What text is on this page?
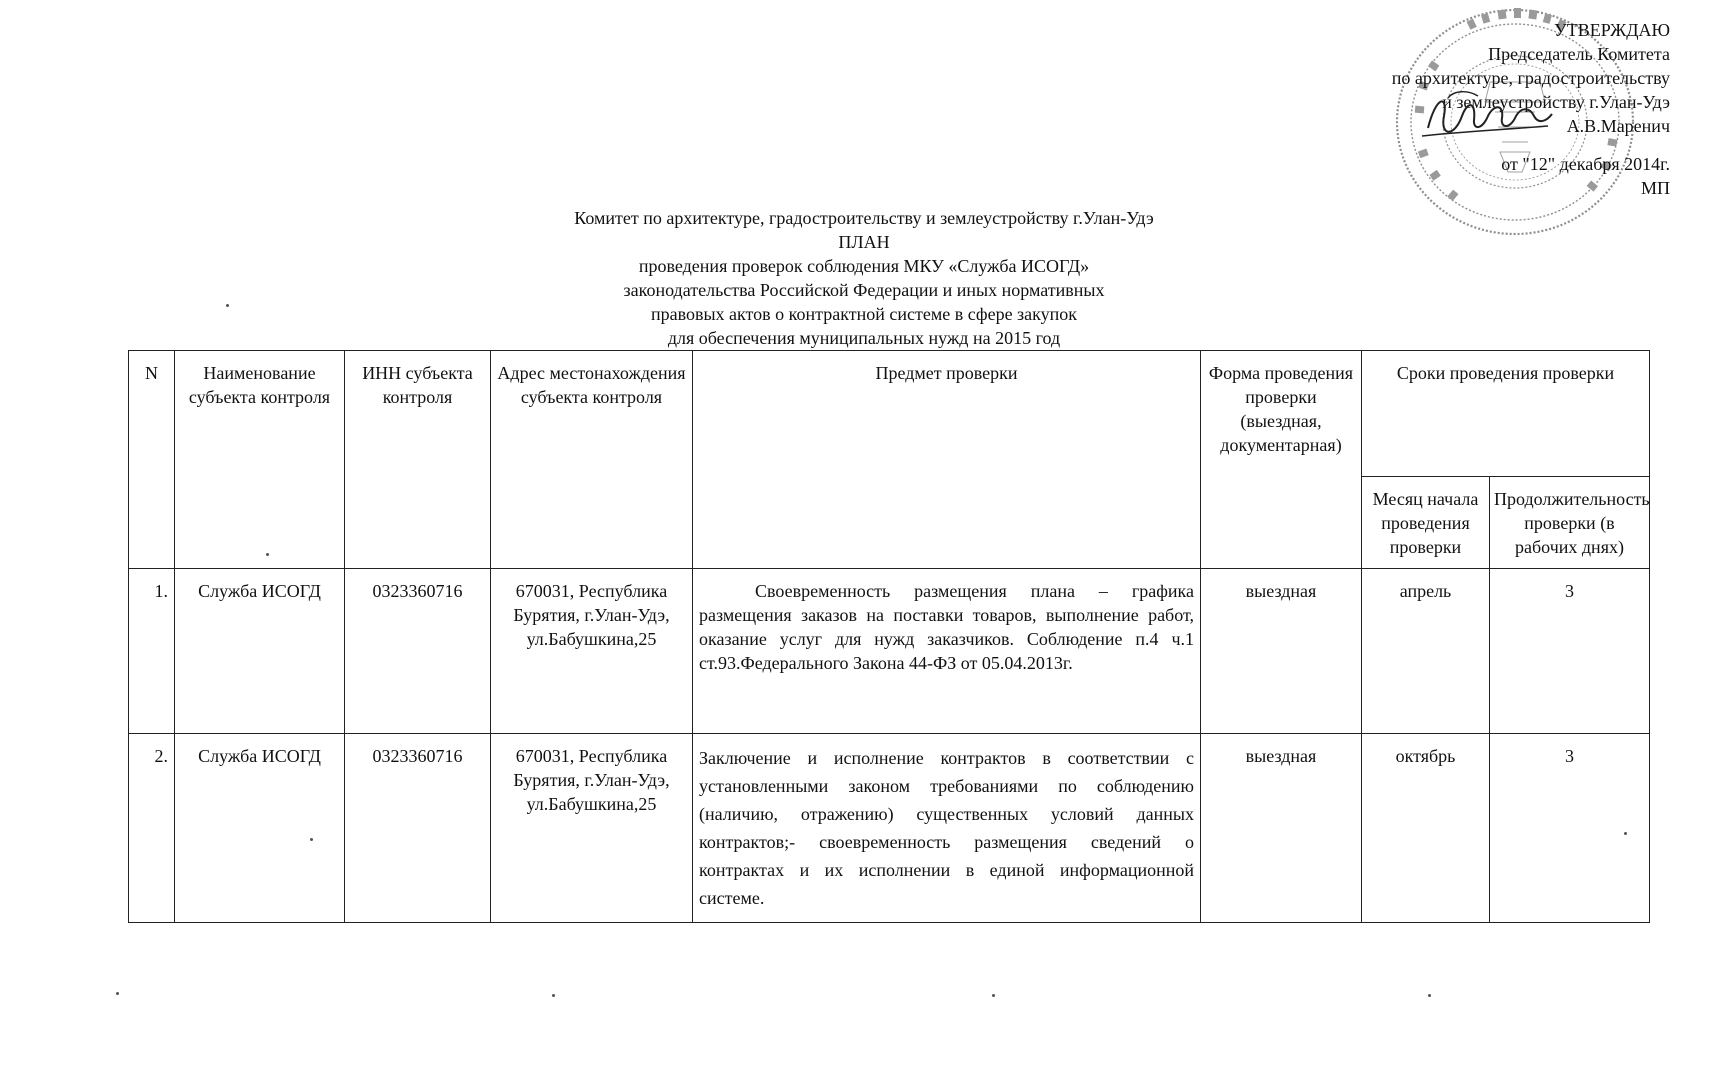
УТВЕРЖДАЮ
Председатель Комитета
по архитектуре, градостроительству
и землеустройству г.Улан-Удэ
А.В.Маренич
от "12" декабря 2014г.
МП
Комитет по архитектуре, градостроительству и землеустройству г.Улан-Удэ
ПЛАН
проведения проверок соблюдения МКУ «Служба ИСОГД»
законодательства Российской Федерации и иных нормативных
правовых актов о контрактной системе в сфере закупок
для обеспечения муниципальных нужд на 2015 год
N	Наименование субъекта контроля	ИНН субъекта контроля	Адрес местонахождения субъекта контроля	Предмет проверки	Форма проведения проверки (выездная, документарная)	Сроки проведения проверки	
						Месяц начала проведения проверки	Продолжительность проверки (в рабочих днях)
1.	Служба ИСОГД	0323360716	670031, Республика Бурятия, г.Улан-Удэ, ул.Бабушкина,25	Своевременность размещения плана – графика размещения заказов на поставки товаров, выполнение работ, оказание услуг для нужд заказчиков. Соблюдение п.4 ч.1 ст.93.Федерального Закона 44-ФЗ от 05.04.2013г.	выездная	апрель	3
2.	Служба ИСОГД	0323360716	670031, Республика Бурятия, г.Улан-Удэ, ул.Бабушкина,25	Заключение и исполнение контрактов в соответствии с установленными законом требованиями по соблюдению (наличию, отражению) существенных условий данных контрактов;- своевременность размещения сведений о контрактах и их исполнении в единой информационной системе.	выездная	октябрь	3
